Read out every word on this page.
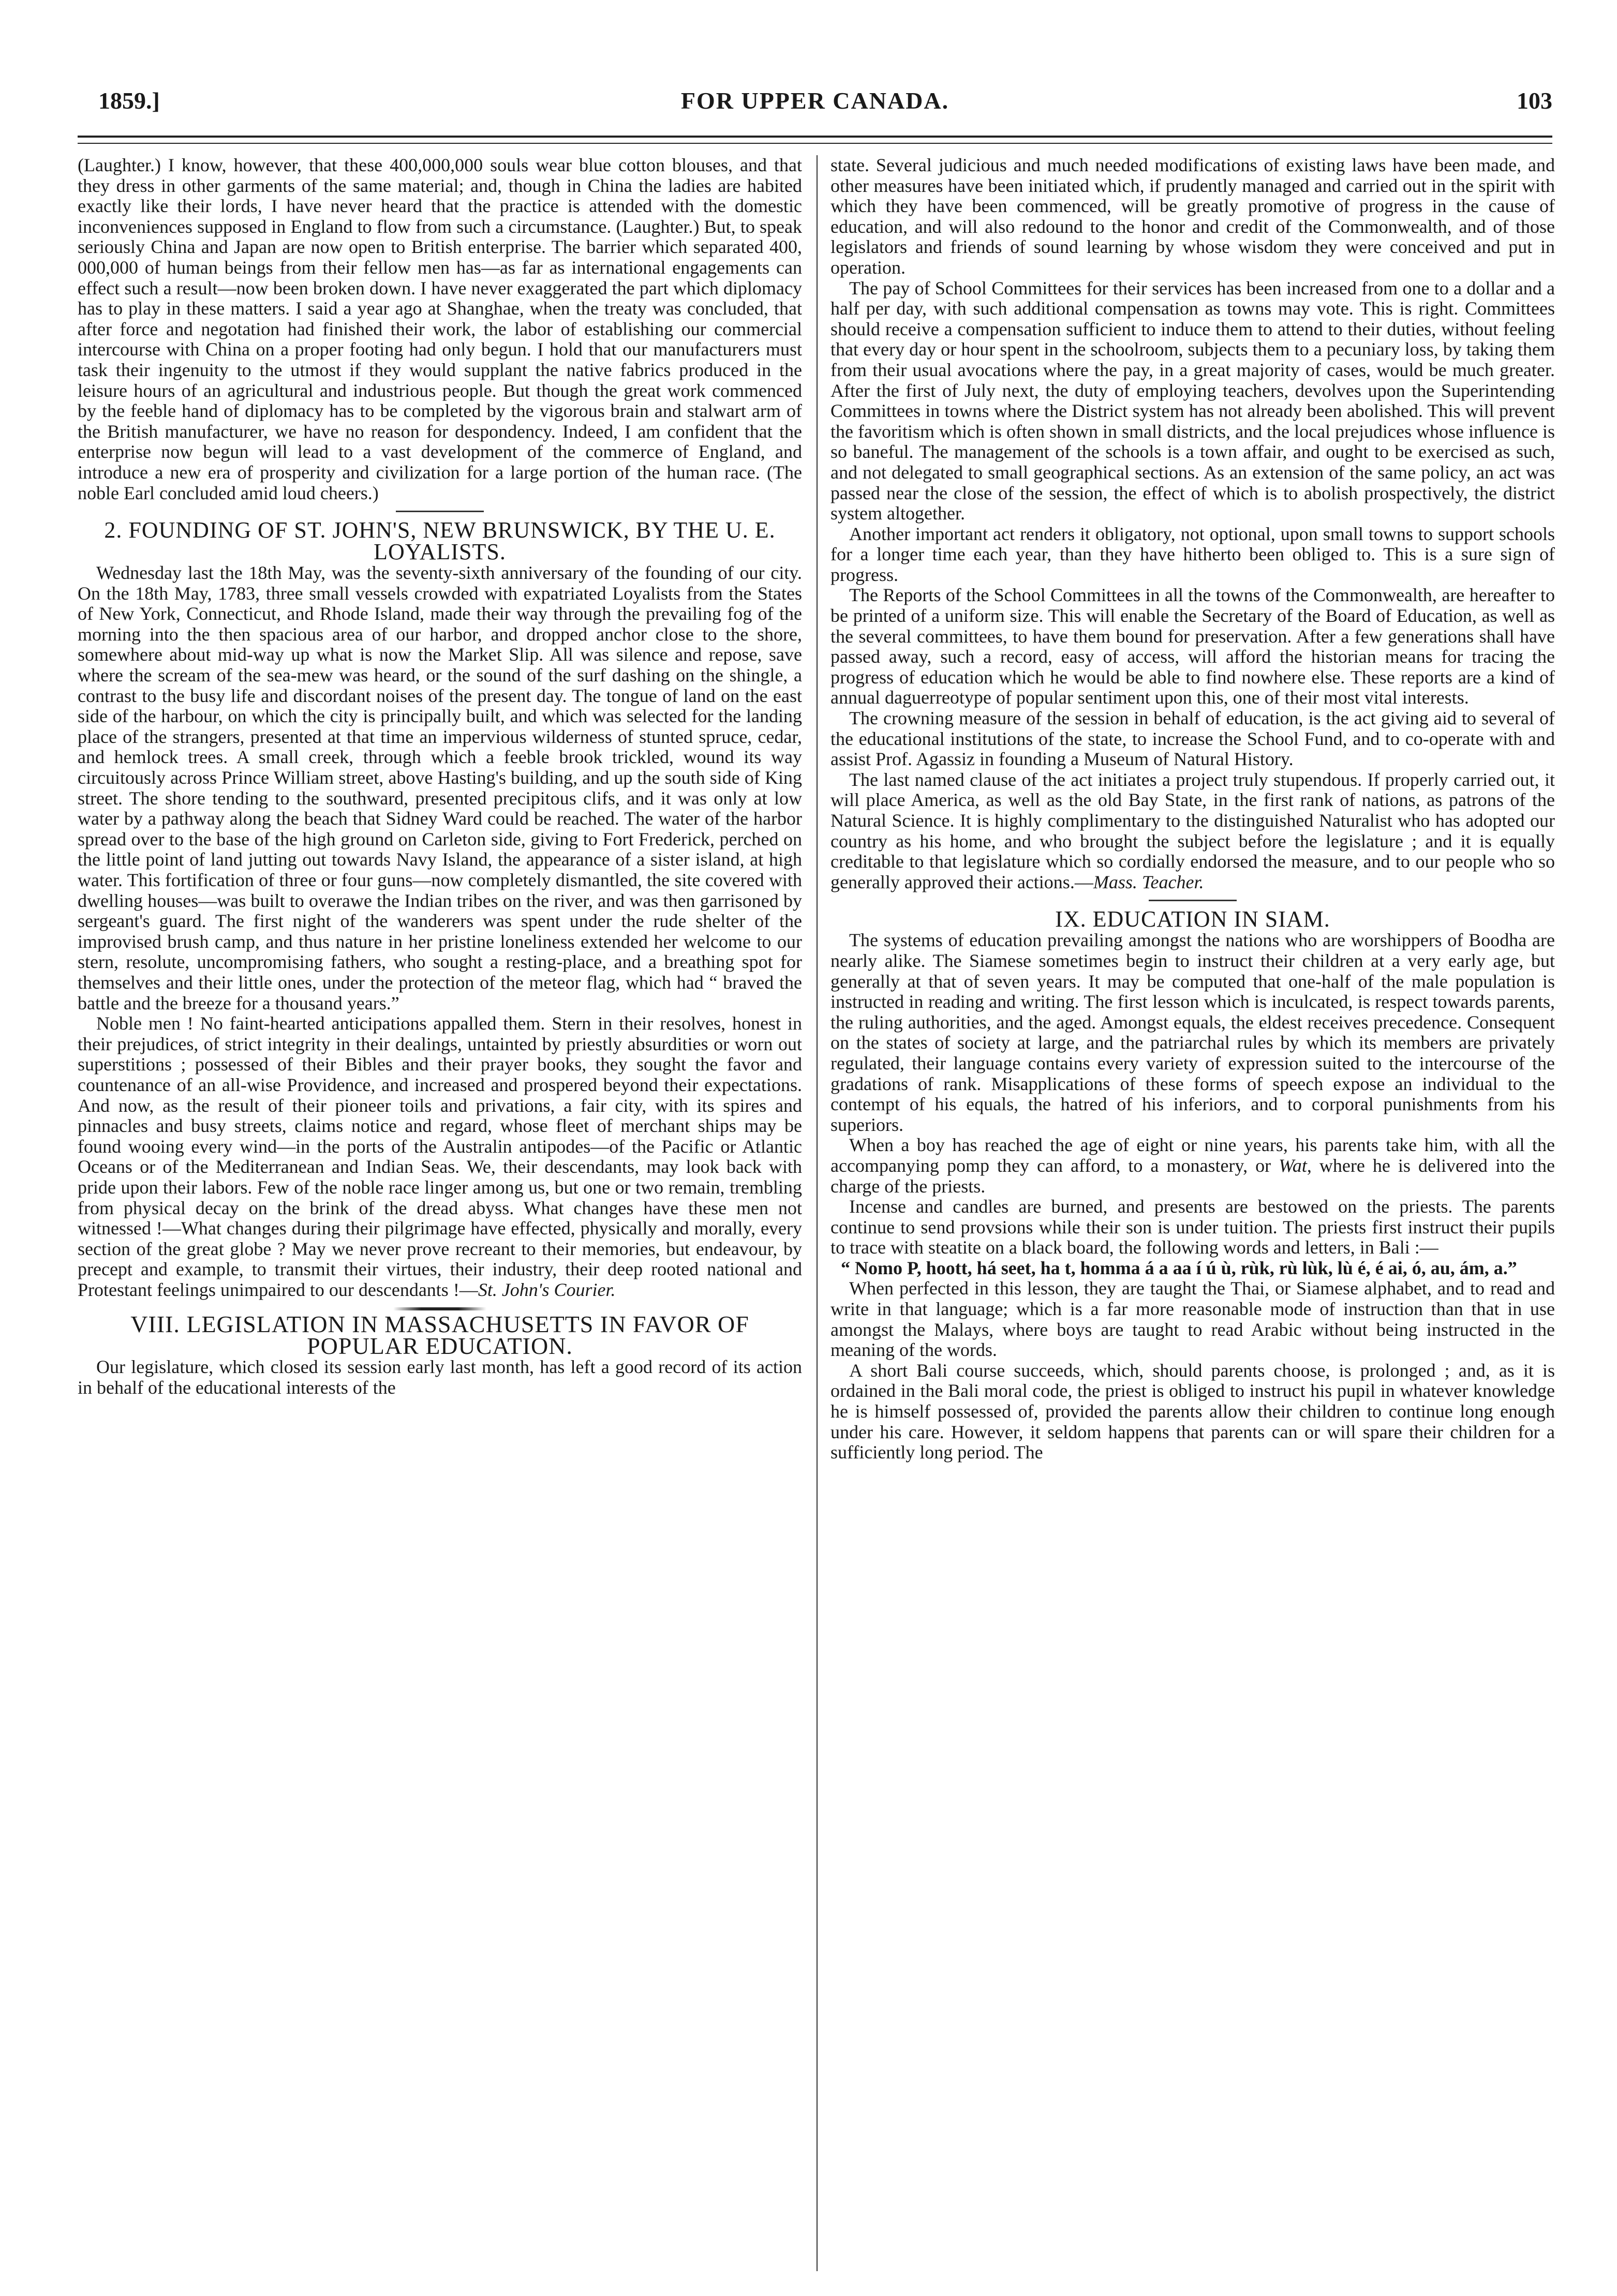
1859.]	FOR UPPER CANADA.	103

(Laughter.) I know, however, that these 400,000,000 souls wear blue cotton blouses, and that they dress in other garments of the same material; and, though in China the ladies are habited exactly like their lords, I have never heard that the practice is attended with the domestic inconveniences supposed in England to flow from such a circumstance. (Laughter.) But, to speak seriously China and Japan are now open to British enterprise. The barrier which separated 400, 000,000 of human beings from their fellow men has—as far as international engagements can effect such a result—now been broken down. I have never exaggerated the part which diplomacy has to play in these matters. I said a year ago at Shanghae, when the treaty was concluded, that after force and negotation had finished their work, the labor of establishing our commercial intercourse with China on a proper footing had only begun. I hold that our manufacturers must task their ingenuity to the utmost if they would supplant the native fabrics produced in the leisure hours of an agricultural and industrious people. But though the great work commenced by the feeble hand of diplomacy has to be completed by the vigorous brain and stalwart arm of the British manufacturer, we have no reason for despondency. Indeed, I am confident that the enterprise now begun will lead to a vast development of the commerce of England, and introduce a new era of prosperity and civilization for a large portion of the human race. (The noble Earl concluded amid loud cheers.)

2. FOUNDING OF ST. JOHN'S, NEW BRUNSWICK, BY THE U. E. LOYALISTS.

Wednesday last the 18th May, was the seventy-sixth anniversary of the founding of our city. On the 18th May, 1783, three small vessels crowded with expatriated Loyalists from the States of New York, Connecticut, and Rhode Island, made their way through the prevailing fog of the morning into the then spacious area of our harbor, and dropped anchor close to the shore, somewhere about mid-way up what is now the Market Slip. All was silence and repose, save where the scream of the sea-mew was heard, or the sound of the surf dashing on the shingle, a contrast to the busy life and discordant noises of the present day. The tongue of land on the east side of the harbour, on which the city is principally built, and which was selected for the landing place of the strangers, presented at that time an impervious wilderness of stunted spruce, cedar, and hemlock trees. A small creek, through which a feeble brook trickled, wound its way circuitously across Prince William street, above Hasting's building, and up the south side of King street. The shore tending to the southward, presented precipitous clifs, and it was only at low water by a pathway along the beach that Sidney Ward could be reached. The water of the harbor spread over to the base of the high ground on Carleton side, giving to Fort Frederick, perched on the little point of land jutting out towards Navy Island, the appearance of a sister island, at high water. This fortification of three or four guns—now completely dismantled, the site covered with dwelling houses—was built to overawe the Indian tribes on the river, and was then garrisoned by sergeant's guard. The first night of the wanderers was spent under the rude shelter of the improvised brush camp, and thus nature in her pristine loneliness extended her welcome to our stern, resolute, uncompromising fathers, who sought a resting-place, and a breathing spot for themselves and their little ones, under the protection of the meteor flag, which had “ braved the battle and the breeze for a thousand years.”

Noble men ! No faint-hearted anticipations appalled them. Stern in their resolves, honest in their prejudices, of strict integrity in their dealings, untainted by priestly absurdities or worn out superstitions ; possessed of their Bibles and their prayer books, they sought the favor and countenance of an all-wise Providence, and increased and prospered beyond their expectations. And now, as the result of their pioneer toils and privations, a fair city, with its spires and pinnacles and busy streets, claims notice and regard, whose fleet of merchant ships may be found wooing every wind—in the ports of the Australin antipodes—of the Pacific or Atlantic Oceans or of the Mediterranean and Indian Seas. We, their descendants, may look back with pride upon their labors. Few of the noble race linger among us, but one or two remain, trembling from physical decay on the brink of the dread abyss. What changes have these men not witnessed !—What changes during their pilgrimage have effected, physically and morally, every section of the great globe ? May we never prove recreant to their memories, but endeavour, by precept and example, to transmit their virtues, their industry, their deep rooted national and Protestant feelings unimpaired to our descendants !—St. John's Courier.

VIII. LEGISLATION IN MASSACHUSETTS IN FAVOR OF POPULAR EDUCATION.

Our legislature, which closed its session early last month, has left a good record of its action in behalf of the educational interests of the

state. Several judicious and much needed modifications of existing laws have been made, and other measures have been initiated which, if prudently managed and carried out in the spirit with which they have been commenced, will be greatly promotive of progress in the cause of education, and will also redound to the honor and credit of the Commonwealth, and of those legislators and friends of sound learning by whose wisdom they were conceived and put in operation.

The pay of School Committees for their services has been increased from one to a dollar and a half per day, with such additional compensation as towns may vote. This is right. Committees should receive a compensation sufficient to induce them to attend to their duties, without feeling that every day or hour spent in the schoolroom, subjects them to a pecuniary loss, by taking them from their usual avocations where the pay, in a great majority of cases, would be much greater. After the first of July next, the duty of employing teachers, devolves upon the Superintending Committees in towns where the District system has not already been abolished. This will prevent the favoritism which is often shown in small districts, and the local prejudices whose influence is so baneful. The management of the schools is a town affair, and ought to be exercised as such, and not delegated to small geographical sections. As an extension of the same policy, an act was passed near the close of the session, the effect of which is to abolish prospectively, the district system altogether.

Another important act renders it obligatory, not optional, upon small towns to support schools for a longer time each year, than they have hitherto been obliged to. This is a sure sign of progress.

The Reports of the School Committees in all the towns of the Commonwealth, are hereafter to be printed of a uniform size. This will enable the Secretary of the Board of Education, as well as the several committees, to have them bound for preservation. After a few generations shall have passed away, such a record, easy of access, will afford the historian means for tracing the progress of education which he would be able to find nowhere else. These reports are a kind of annual daguerreotype of popular sentiment upon this, one of their most vital interests.

The crowning measure of the session in behalf of education, is the act giving aid to several of the educational institutions of the state, to increase the School Fund, and to co-operate with and assist Prof. Agassiz in founding a Museum of Natural History.

The last named clause of the act initiates a project truly stupendous. If properly carried out, it will place America, as well as the old Bay State, in the first rank of nations, as patrons of the Natural Science. It is highly complimentary to the distinguished Naturalist who has adopted our country as his home, and who brought the subject before the legislature ; and it is equally creditable to that legislature which so cordially endorsed the measure, and to our people who so generally approved their actions.—Mass. Teacher.

IX. EDUCATION IN SIAM.

The systems of education prevailing amongst the nations who are worshippers of Boodha are nearly alike. The Siamese sometimes begin to instruct their children at a very early age, but generally at that of seven years. It may be computed that one-half of the male population is instructed in reading and writing. The first lesson which is inculcated, is respect towards parents, the ruling authorities, and the aged. Amongst equals, the eldest receives precedence. Consequent on the states of society at large, and the patriarchal rules by which its members are privately regulated, their language contains every variety of expression suited to the intercourse of the gradations of rank. Misapplications of these forms of speech expose an individual to the contempt of his equals, the hatred of his inferiors, and to corporal punishments from his superiors.

When a boy has reached the age of eight or nine years, his parents take him, with all the accompanying pomp they can afford, to a monastery, or Wat, where he is delivered into the charge of the priests.

Incense and candles are burned, and presents are bestowed on the priests. The parents continue to send provsions while their son is under tuition. The priests first instruct their pupils to trace with steatite on a black board, the following words and letters, in Bali :—

“ Nomo P, hoott, há seet, ha t, homma á a aa í ú ù, rùk, rù lùk, lù é, é ai, ó, au, ám, a.”

When perfected in this lesson, they are taught the Thai, or Siamese alphabet, and to read and write in that language; which is a far more reasonable mode of instruction than that in use amongst the Malays, where boys are taught to read Arabic without being instructed in the meaning of the words.

A short Bali course succeeds, which, should parents choose, is prolonged ; and, as it is ordained in the Bali moral code, the priest is obliged to instruct his pupil in whatever knowledge he is himself possessed of, provided the parents allow their children to continue long enough under his care. However, it seldom happens that parents can or will spare their children for a sufficiently long period. The
